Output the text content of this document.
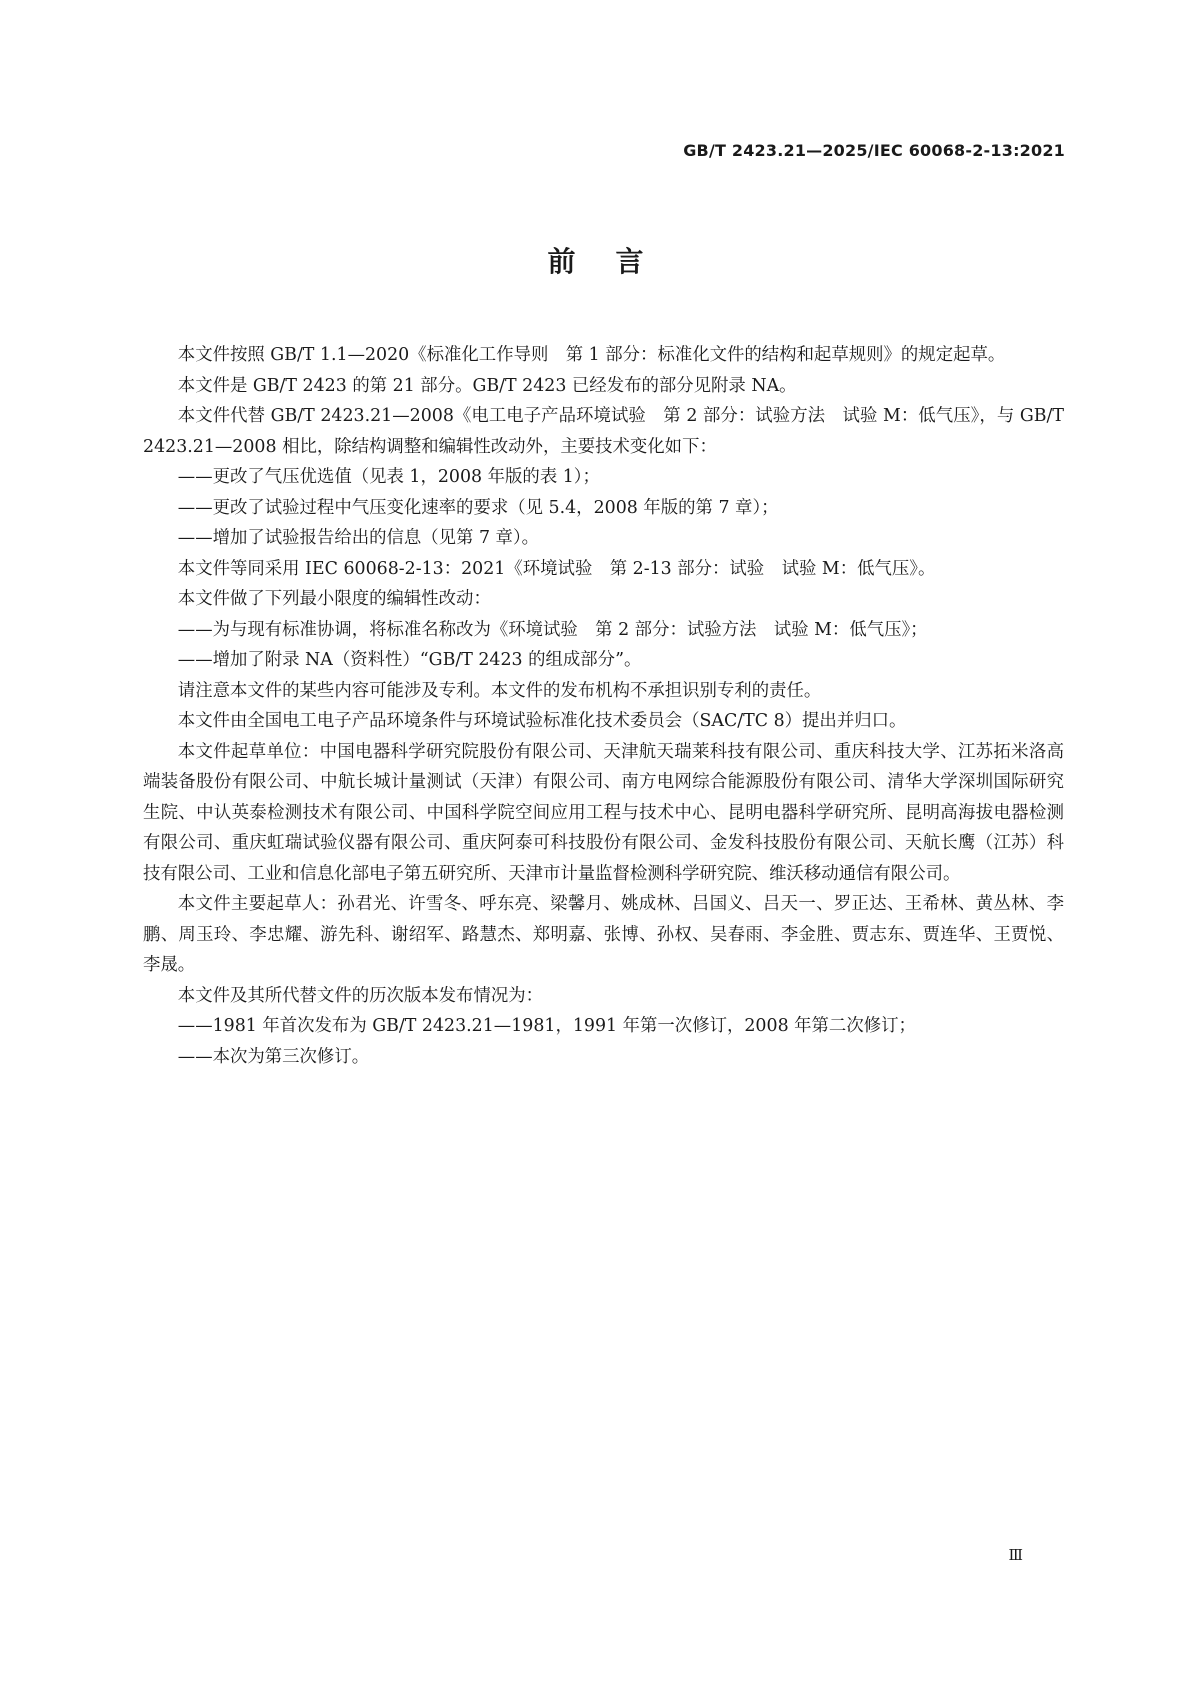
GB/T 2423.21—2025/IEC 60068-2-13:2021
前言

本文件按照 GB/T 1.1—2020《标准化工作导则　第 1 部分：标准化文件的结构和起草规则》的规定起草。

本文件是 GB/T 2423 的第 21 部分。GB/T 2423 已经发布的部分见附录 NA。

本文件代替 GB/T 2423.21—2008《电工电子产品环境试验　第 2 部分：试验方法　试验 M：低气压》，与 GB/T 2423.21—2008 相比，除结构调整和编辑性改动外，主要技术变化如下：

——更改了气压优选值（见表 1，2008 年版的表 1）；

——更改了试验过程中气压变化速率的要求（见 5.4，2008 年版的第 7 章）；

——增加了试验报告给出的信息（见第 7 章）。

本文件等同采用 IEC 60068-2-13：2021《环境试验　第 2-13 部分：试验　试验 M：低气压》。

本文件做了下列最小限度的编辑性改动：

——为与现有标准协调，将标准名称改为《环境试验　第 2 部分：试验方法　试验 M：低气压》；

——增加了附录 NA（资料性）“GB/T 2423 的组成部分”。

请注意本文件的某些内容可能涉及专利。本文件的发布机构不承担识别专利的责任。

本文件由全国电工电子产品环境条件与环境试验标准化技术委员会（SAC/TC 8）提出并归口。

本文件起草单位：中国电器科学研究院股份有限公司、天津航天瑞莱科技有限公司、重庆科技大学、江苏拓米洛高端装备股份有限公司、中航长城计量测试（天津）有限公司、南方电网综合能源股份有限公司、清华大学深圳国际研究生院、中认英泰检测技术有限公司、中国科学院空间应用工程与技术中心、昆明电器科学研究所、昆明高海拔电器检测有限公司、重庆虹瑞试验仪器有限公司、重庆阿泰可科技股份有限公司、金发科技股份有限公司、天航长鹰（江苏）科技有限公司、工业和信息化部电子第五研究所、天津市计量监督检测科学研究院、维沃移动通信有限公司。

本文件主要起草人：孙君光、许雪冬、呼东亮、梁馨月、姚成林、吕国义、吕天一、罗正达、王希林、黄丛林、李鹏、周玉玲、李忠耀、游先科、谢绍军、路慧杰、郑明嘉、张博、孙权、吴春雨、李金胜、贾志东、贾连华、王贾悦、李晟。

本文件及其所代替文件的历次版本发布情况为：

——1981 年首次发布为 GB/T 2423.21—1981，1991 年第一次修订，2008 年第二次修订；

——本次为第三次修订。

Ⅲ
